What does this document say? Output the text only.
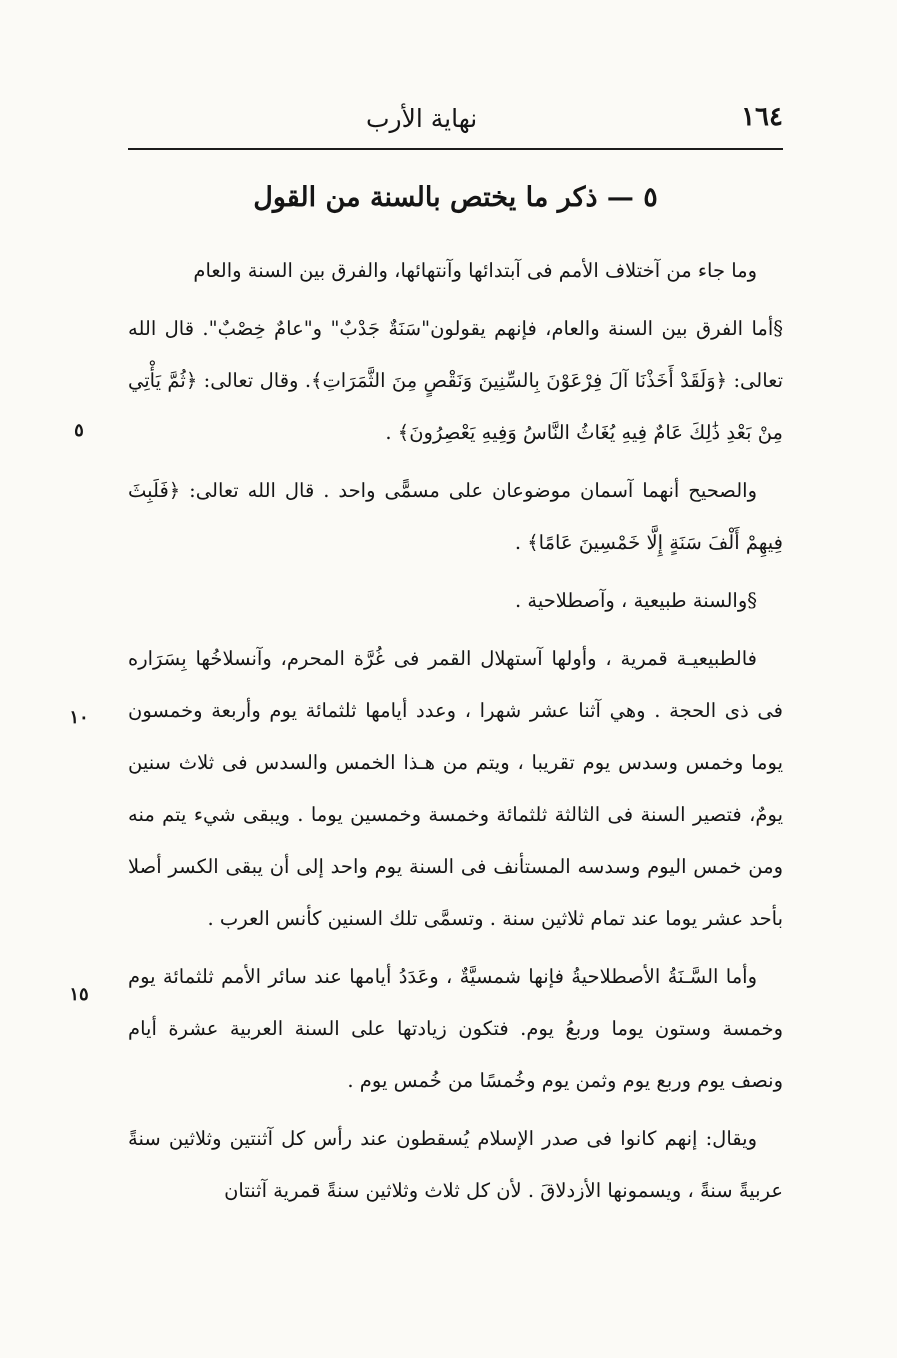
١٦٤
نهاية الأرب
٥ — ذكر ما يختص بالسنة من القول

وما جاء من آختلاف الأمم فى آبتدائها وآنتهائها، والفرق بين السنة والعام

§أما الفرق بين السنة والعام، فإنهم يقولون"سَنَةٌ جَدْبٌ" و"عامٌ خِصْبٌ". قال الله تعالى: ﴿وَلَقَدْ أَخَذْنَا آلَ فِرْعَوْنَ بِالسِّنِينَ وَنَقْصٍ مِنَ الثَّمَرَاتِ﴾. وقال تعالى: ﴿ثُمَّ يَأْتِي مِنْ بَعْدِ ذَٰلِكَ عَامٌ فِيهِ يُغَاثُ النَّاسُ وَفِيهِ يَعْصِرُونَ﴾ .

والصحيح أنهما آسمان موضوعان على مسمًّى واحد . قال الله تعالى: ﴿فَلَبِثَ فِيهِمْ أَلْفَ سَنَةٍ إِلَّا خَمْسِينَ عَامًا﴾ .

§والسنة طبيعية ، وآصطلاحية .

فالطبيعيـة قمرية ، وأولها آستهلال القمر فى غُرَّة المحرم، وآنسلاخُها بِسَرَاره فى ذى الحجة . وهي آثنا عشر شهرا ، وعدد أيامها ثلثمائة يوم وأربعة وخمسون يوما وخمس وسدس يوم تقريبا ، ويتم من هـذا الخمس والسدس فى ثلاث سنين يومٌ، فتصير السنة فى الثالثة ثلثمائة وخمسة وخمسين يوما . ويبقى شيء يتم منه ومن خمس اليوم وسدسه المستأنف فى السنة يوم واحد إلى أن يبقى الكسر أصلا بأحد عشر يوما عند تمام ثلاثين سنة . وتسمَّى تلك السنين كأنس العرب .

وأما السَّـنَةُ الأصطلاحيةُ فإنها شمسيَّةٌ ، وعَدَدُ أيامها عند سائر الأمم ثلثمائة يوم وخمسة وستون يوما وربعُ يوم. فتكون زيادتها على السنة العربية عشرة أيام ونصف يوم وربع يوم وثمن يوم وخُمسًا من خُمس يوم .

ويقال: إنهم كانوا فى صدر الإسلام يُسقطون عند رأس كل آثنتين وثلاثين سنةً عربيةً سنةً ، ويسمونها الأزدلاقَ . لأن كل ثلاث وثلاثين سنةً قمرية آثنتان

٥
١٠
١٥
